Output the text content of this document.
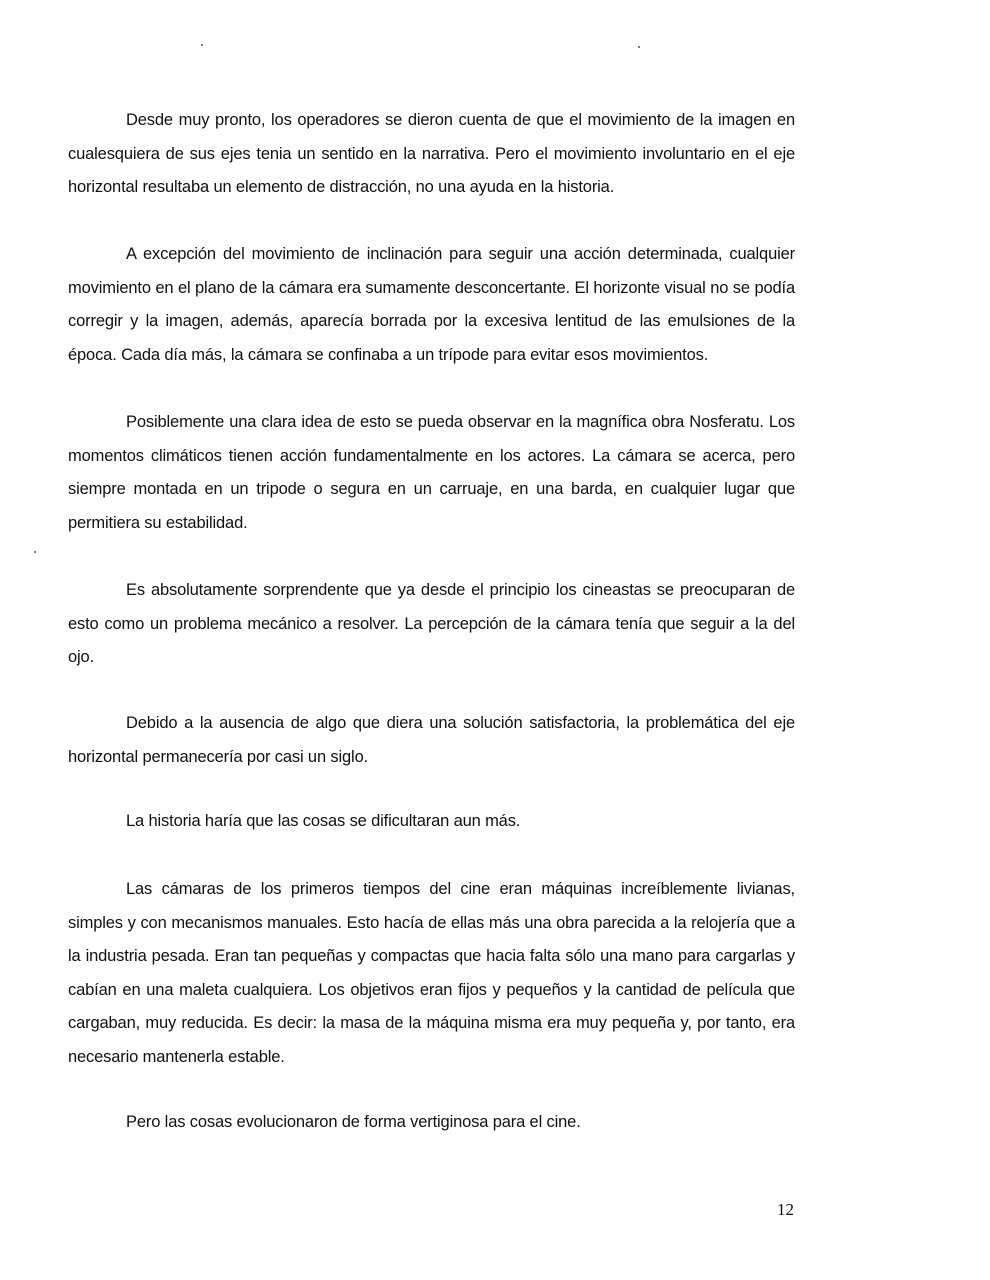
Desde muy pronto, los operadores se dieron cuenta de que el movimiento de la imagen en cualesquiera de sus ejes tenia un sentido en la narrativa. Pero el movimiento involuntario en el eje horizontal resultaba un elemento de distracción, no una ayuda en la historia.

A excepción del movimiento de inclinación para seguir una acción determinada, cualquier movimiento en el plano de la cámara era sumamente desconcertante. El horizonte visual no se podía corregir y la imagen, además, aparecía borrada por la excesiva lentitud de las emulsiones de la época. Cada día más, la cámara se confinaba a un trípode para evitar esos movimientos.

Posiblemente una clara idea de esto se pueda observar en la magnífica obra Nosferatu. Los momentos climáticos tienen acción fundamentalmente en los actores. La cámara se acerca, pero siempre montada en un tripode o segura en un carruaje, en una barda, en cualquier lugar que permitiera su estabilidad.

Es absolutamente sorprendente que ya desde el principio los cineastas se preocuparan de esto como un problema mecánico a resolver. La percepción de la cámara tenía que seguir a la del ojo.

Debido a la ausencia de algo que diera una solución satisfactoria, la problemática del eje horizontal permanecería por casi un siglo.

La historia haría que las cosas se dificultaran aun más.

Las cámaras de los primeros tiempos del cine eran máquinas increíblemente livianas, simples y con mecanismos manuales. Esto hacía de ellas más una obra parecida a la relojería que a la industria pesada. Eran tan pequeñas y compactas que hacia falta sólo una mano para cargarlas y cabían en una maleta cualquiera. Los objetivos eran fijos y pequeños y la cantidad de película que cargaban, muy reducida. Es decir: la masa de la máquina misma era muy pequeña y, por tanto, era necesario mantenerla estable.

Pero las cosas evolucionaron de forma vertiginosa para el cine.

12
